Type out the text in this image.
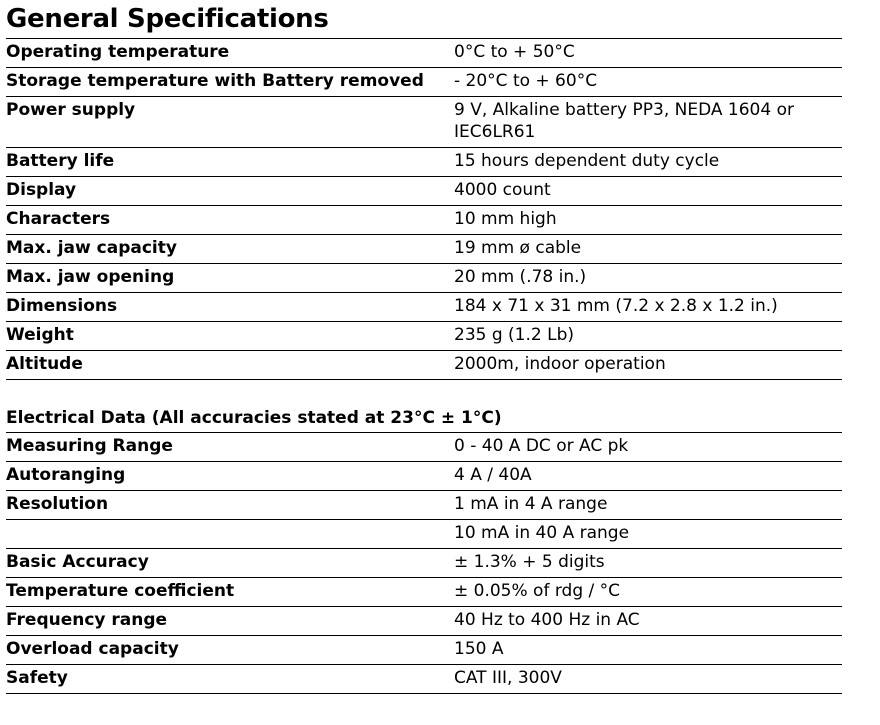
General Specifications
Operating temperature	0°C to + 50°C
Storage temperature with Battery removed	- 20°C to + 60°C
Power supply	9 V, Alkaline battery PP3, NEDA 1604 or IEC6LR61
Battery life	15 hours dependent duty cycle
Display	4000 count
Characters	10 mm high
Max. jaw capacity	19 mm ø cable
Max. jaw opening	20 mm (.78 in.)
Dimensions	184 x 71 x 31 mm (7.2 x 2.8 x 1.2 in.)
Weight	235 g (1.2 Lb)
Altitude	2000m, indoor operation
Electrical Data (All accuracies stated at 23°C ± 1°C)
Measuring Range	0 - 40 A DC or AC pk
Autoranging	4 A / 40A
Resolution	1 mA in 4 A range
	10 mA in 40 A range
Basic Accuracy	± 1.3% + 5 digits
Temperature coefficient	± 0.05% of rdg / °C
Frequency range	40 Hz to 400 Hz in AC
Overload capacity	150 A
Safety	CAT III, 300V
